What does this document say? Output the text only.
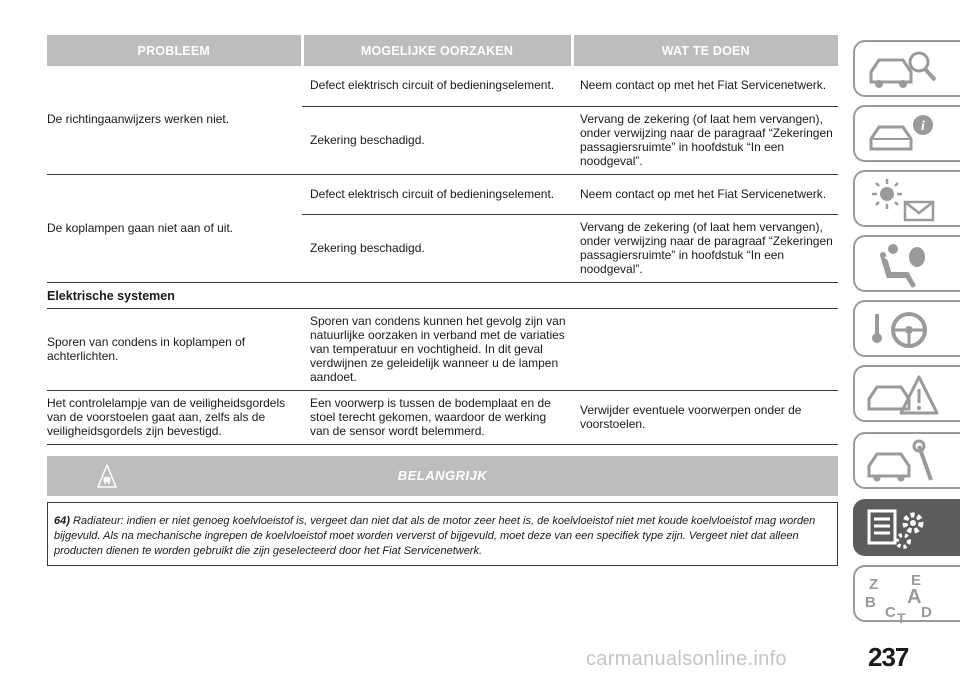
PROBLEEM	MOGELIJKE OORZAKEN	WAT TE DOEN
De richtingaanwijzers werken niet.	Defect elektrisch circuit of bedieningselement.	Neem contact op met het Fiat Servicenetwerk.
	Zekering beschadigd.	Vervang de zekering (of laat hem vervangen), onder verwijzing naar de paragraaf “Zekeringen passagiersruimte” in hoofdstuk “In een noodgeval”.
De koplampen gaan niet aan of uit.	Defect elektrisch circuit of bedieningselement.	Neem contact op met het Fiat Servicenetwerk.
	Zekering beschadigd.	Vervang de zekering (of laat hem vervangen), onder verwijzing naar de paragraaf “Zekeringen passagiersruimte” in hoofdstuk “In een noodgeval”.
Elektrische systemen		
Sporen van condens in koplampen of achterlichten.	Sporen van condens kunnen het gevolg zijn van natuurlijke oorzaken in verband met de variaties van temperatuur en vochtigheid. In dit geval verdwijnen ze geleidelijk wanneer u de lampen aandoet.	
Het controlelampje van de veiligheidsgordels van de voorstoelen gaat aan, zelfs als de veiligheidsgordels zijn bevestigd.	Een voorwerp is tussen de bodemplaat en de stoel terecht gekomen, waardoor de werking van de sensor wordt belemmerd.	Verwijder eventuele voorwerpen onder de voorstoelen.
BELANGRIJK
64) Radiateur: indien er niet genoeg koelvloeistof is, vergeet dan niet dat als de motor zeer heet is, de koelvloeistof niet met koude koelvloeistof mag worden bijgevuld. Als na mechanische ingrepen de koelvloeistof moet worden ververst of bijgevuld, moet deze van een specifiek type zijn. Vergeet niet dat alleen producten dienen te worden gebruikt die zijn geselecteerd door het Fiat Servicenetwerk.
i
Z E
B A
C D
T
carmanualsonline.info	237
